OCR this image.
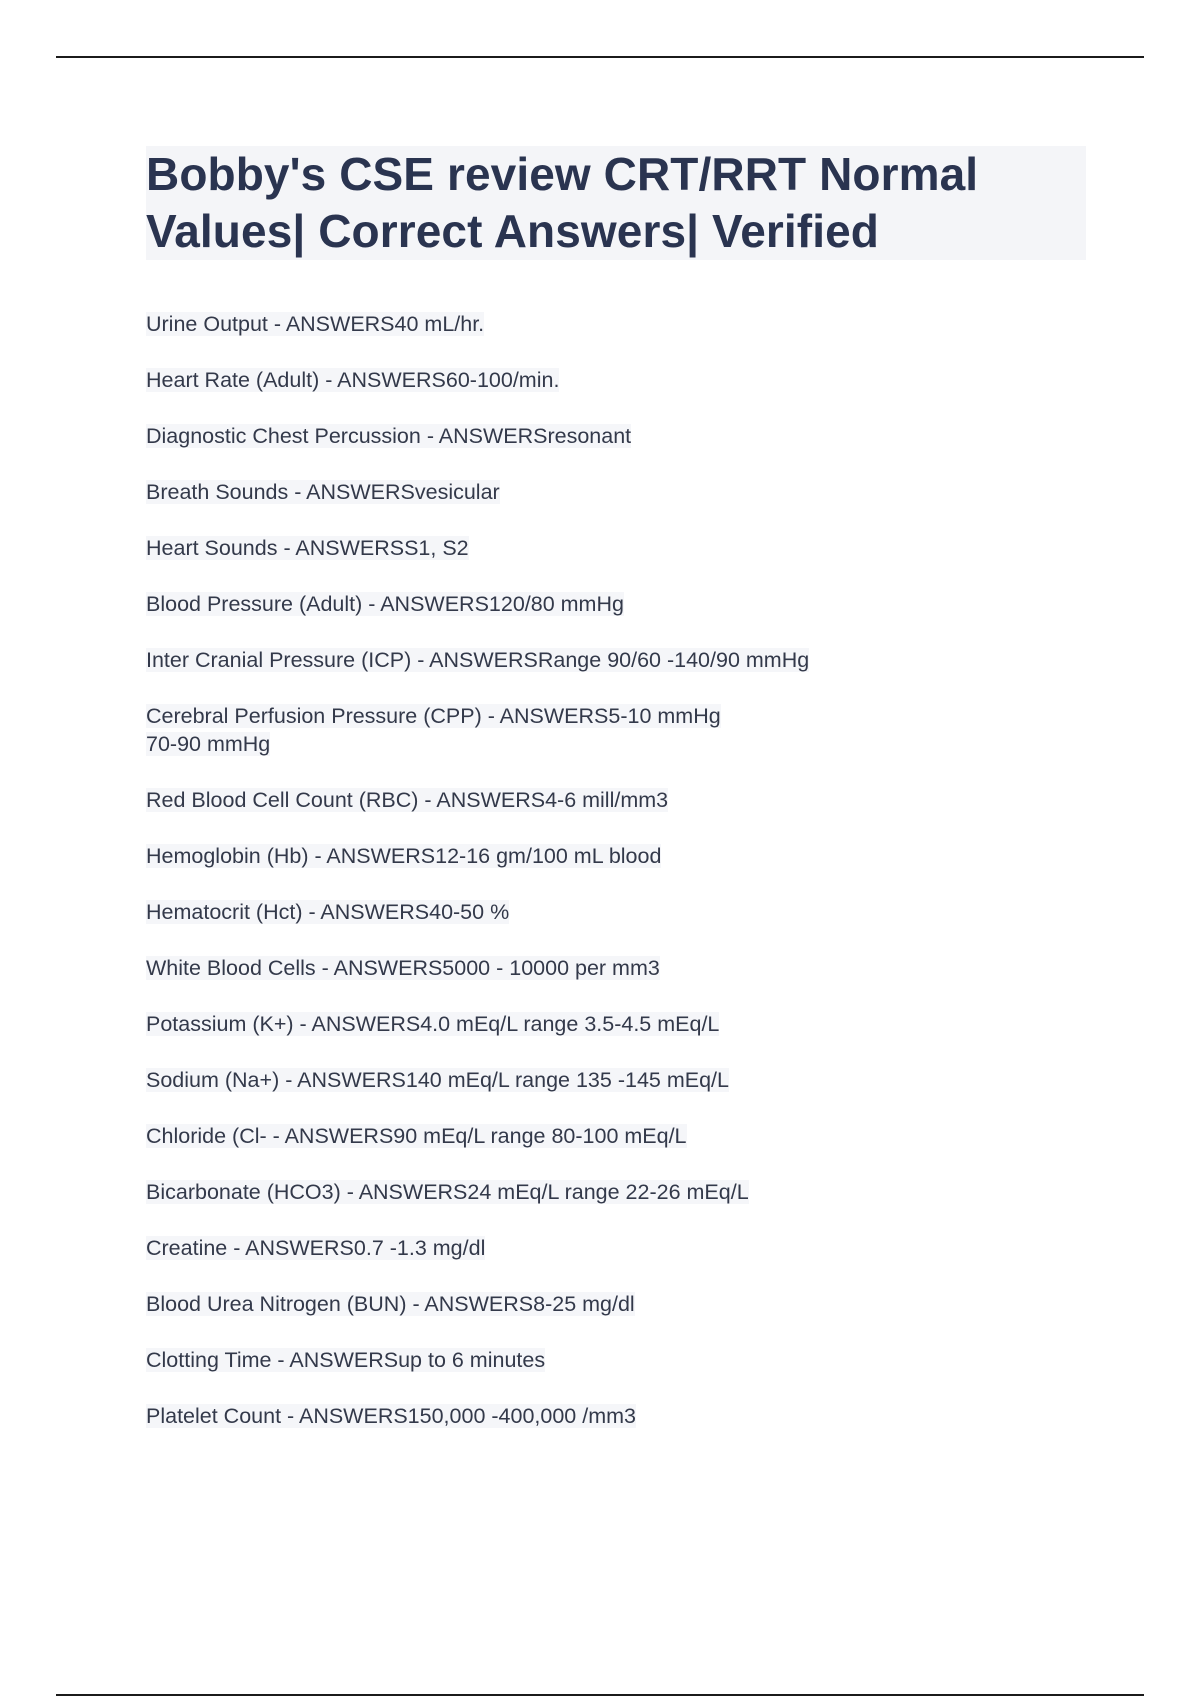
Bobby's CSE review CRT/RRT Normal Values| Correct Answers| Verified

Urine Output - ANSWERS40 mL/hr.

Heart Rate (Adult) - ANSWERS60-100/min.

Diagnostic Chest Percussion - ANSWERSresonant

Breath Sounds - ANSWERSvesicular

Heart Sounds - ANSWERSS1, S2

Blood Pressure (Adult) - ANSWERS120/80 mmHg

Inter Cranial Pressure (ICP) - ANSWERSRange 90/60 -140/90 mmHg

Cerebral Perfusion Pressure (CPP) - ANSWERS5-10 mmHg
70-90 mmHg

Red Blood Cell Count (RBC) - ANSWERS4-6 mill/mm3

Hemoglobin (Hb) - ANSWERS12-16 gm/100 mL blood

Hematocrit (Hct) - ANSWERS40-50 %

White Blood Cells - ANSWERS5000 - 10000 per mm3

Potassium (K+) - ANSWERS4.0 mEq/L range 3.5-4.5 mEq/L

Sodium (Na+) - ANSWERS140 mEq/L range 135 -145 mEq/L

Chloride (Cl- - ANSWERS90 mEq/L range 80-100 mEq/L

Bicarbonate (HCO3) - ANSWERS24 mEq/L range 22-26 mEq/L

Creatine - ANSWERS0.7 -1.3 mg/dl

Blood Urea Nitrogen (BUN) - ANSWERS8-25 mg/dl

Clotting Time - ANSWERSup to 6 minutes

Platelet Count - ANSWERS150,000 -400,000 /mm3
